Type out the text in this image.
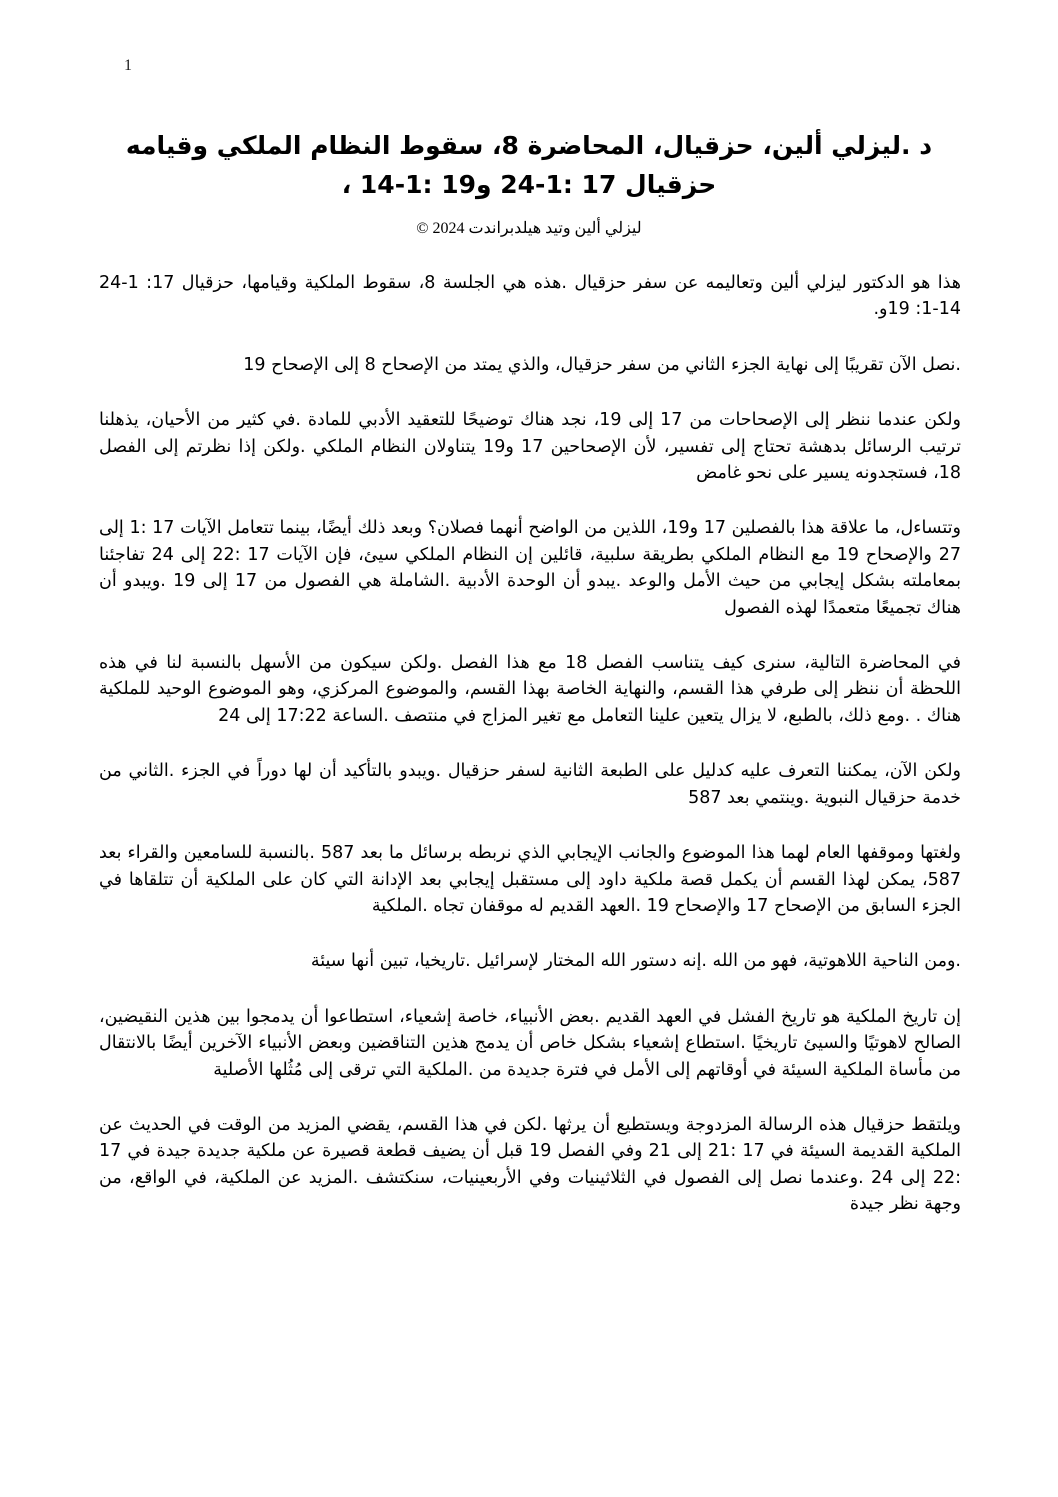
1
د .ليزلي ألين، حزقيال، المحاضرة 8، سقوط النظام الملكي وقيامه
حزقيال 17 :1-24 و19 :1-14 ،
ليزلي ألين وتيد هيلدبراندت 2024 ©

هذا هو الدكتور ليزلي ألين وتعاليمه عن سفر حزقيال .هذه هي الجلسة 8، سقوط الملكية وقيامها، حزقيال 17: 1-24 14-1: 19و.

.نصل الآن تقريبًا إلى نهاية الجزء الثاني من سفر حزقيال، والذي يمتد من الإصحاح 8 إلى الإصحاح 19

ولكن عندما ننظر إلى الإصحاحات من 17 إلى 19، نجد هناك توضيحًا للتعقيد الأدبي للمادة .في كثير من الأحيان، يذهلنا ترتيب الرسائل بدهشة تحتاج إلى تفسير، لأن الإصحاحين 17 و19 يتناولان النظام الملكي .ولكن إذا نظرتم إلى الفصل 18، فستجدونه يسير على نحو غامض

وتتساءل، ما علاقة هذا بالفصلين 17 و19، اللذين من الواضح أنهما فصلان؟ وبعد ذلك أيضًا، بينما تتعامل الآيات 17 :1 إلى 27 والإصحاح 19 مع النظام الملكي بطريقة سلبية، قائلين إن النظام الملكي سيئ، فإن الآيات 17 :22 إلى 24 تفاجئنا بمعاملته بشكل إيجابي من حيث الأمل والوعد .يبدو أن الوحدة الأدبية .الشاملة هي الفصول من 17 إلى 19 .ويبدو أن هناك تجميعًا متعمدًا لهذه الفصول

في المحاضرة التالية، سنرى كيف يتناسب الفصل 18 مع هذا الفصل .ولكن سيكون من الأسهل بالنسبة لنا في هذه اللحظة أن ننظر إلى طرفي هذا القسم، والنهاية الخاصة بهذا القسم، والموضوع المركزي، وهو الموضوع الوحيد للملكية هناك . .ومع ذلك، بالطبع، لا يزال يتعين علينا التعامل مع تغير المزاج في منتصف .الساعة 17:22 إلى 24

ولكن الآن، يمكننا التعرف عليه كدليل على الطبعة الثانية لسفر حزقيال .ويبدو بالتأكيد أن لها دوراً في الجزء .الثاني من خدمة حزقيال النبوية .وينتمي بعد 587

ولغتها وموقفها العام لهما هذا الموضوع والجانب الإيجابي الذي نربطه برسائل ما بعد 587 .بالنسبة للسامعين والقراء بعد 587، يمكن لهذا القسم أن يكمل قصة ملكية داود إلى مستقبل إيجابي بعد الإدانة التي كان على الملكية أن تتلقاها في الجزء السابق من الإصحاح 17 والإصحاح 19 .العهد القديم له موقفان تجاه .الملكية

.ومن الناحية اللاهوتية، فهو من الله .إنه دستور الله المختار لإسرائيل .تاريخيا، تبين أنها سيئة

إن تاريخ الملكية هو تاريخ الفشل في العهد القديم .بعض الأنبياء، خاصة إشعياء، استطاعوا أن يدمجوا بين هذين النقيضين، الصالح لاهوتيًا والسيئ تاريخيًا .استطاع إشعياء بشكل خاص أن يدمج هذين التناقضين وبعض الأنبياء الآخرين أيضًا بالانتقال من مأساة الملكية السيئة في أوقاتهم إلى الأمل في فترة جديدة من .الملكية التي ترقى إلى مُثُلها الأصلية

ويلتقط حزقيال هذه الرسالة المزدوجة ويستطيع أن يرثها .لكن في هذا القسم، يقضي المزيد من الوقت في الحديث عن الملكية القديمة السيئة في 17 :21 إلى 21 وفي الفصل 19 قبل أن يضيف قطعة قصيرة عن ملكية جديدة جيدة في 17 :22 إلى 24 .وعندما نصل إلى الفصول في الثلاثينيات وفي الأربعينيات، سنكتشف .المزيد عن الملكية، في الواقع، من وجهة نظر جيدة
